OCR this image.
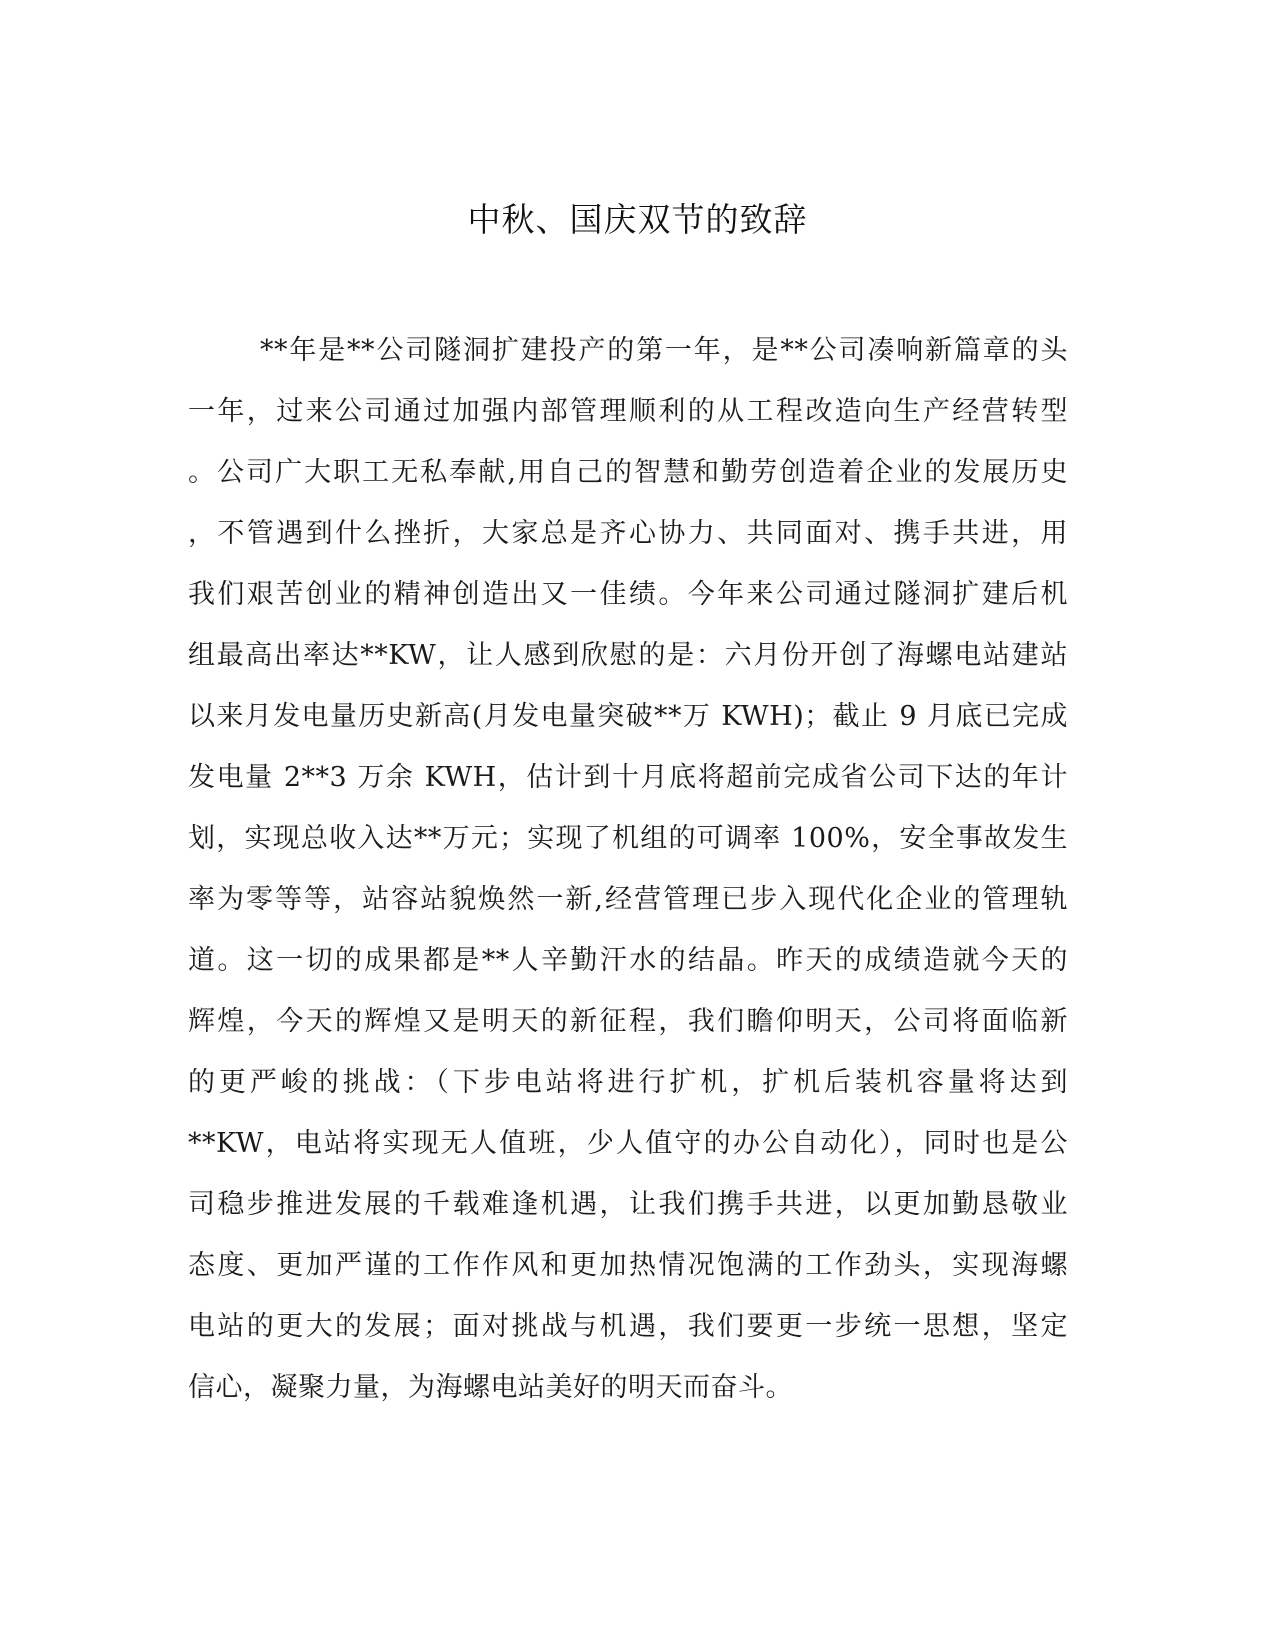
中秋、国庆双节的致辞
**年是**公司隧洞扩建投产的第一年，是**公司凑响新篇章的头
一年，过来公司通过加强内部管理顺利的从工程改造向生产经营转型
。公司广大职工无私奉献,用自己的智慧和勤劳创造着企业的发展历史
，不管遇到什么挫折，大家总是齐心协力、共同面对、携手共进，用
我们艰苦创业的精神创造出又一佳绩。今年来公司通过隧洞扩建后机
组最高出率达**KW，让人感到欣慰的是：六月份开创了海螺电站建站
以来月发电量历史新高(月发电量突破**万 KWH)；截止 9 月底已完成
发电量 2**3 万余 KWH，估计到十月底将超前完成省公司下达的年计
划，实现总收入达**万元；实现了机组的可调率 100%，安全事故发生
率为零等等，站容站貌焕然一新,经营管理已步入现代化企业的管理轨
道。这一切的成果都是**人辛勤汗水的结晶。昨天的成绩造就今天的
辉煌，今天的辉煌又是明天的新征程，我们瞻仰明天，公司将面临新
的更严峻的挑战：（下步电站将进行扩机，扩机后装机容量将达到
**KW，电站将实现无人值班，少人值守的办公自动化），同时也是公
司稳步推进发展的千载难逢机遇，让我们携手共进，以更加勤恳敬业
态度、更加严谨的工作作风和更加热情况饱满的工作劲头，实现海螺
电站的更大的发展；面对挑战与机遇，我们要更一步统一思想，坚定
信心，凝聚力量，为海螺电站美好的明天而奋斗。
